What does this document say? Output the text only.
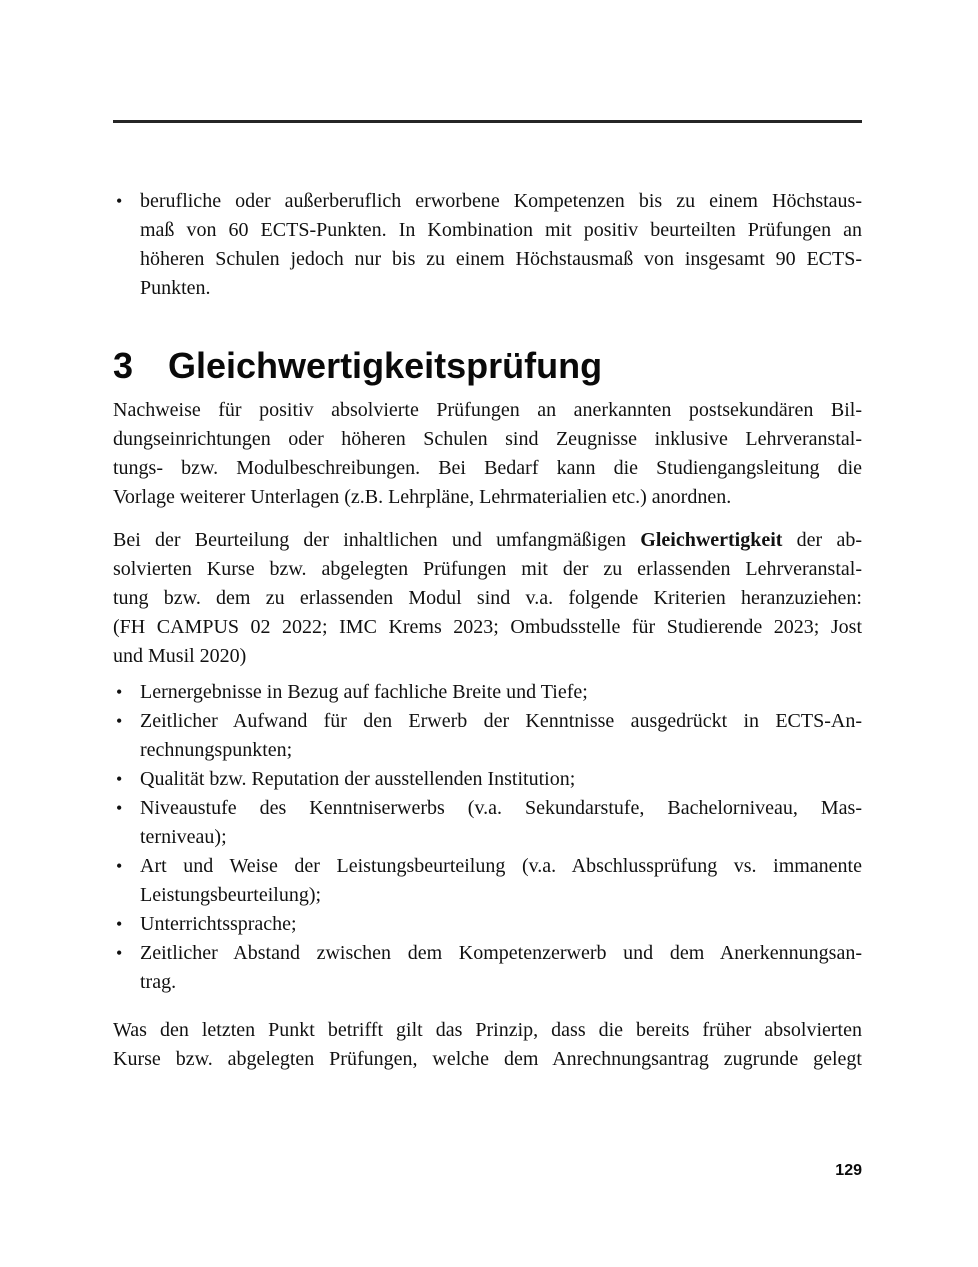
• berufliche oder außerberuflich erworbene Kompetenzen bis zu einem Höchstaus-
maß von 60 ECTS-Punkten. In Kombination mit positiv beurteilten Prüfungen an
höheren Schulen jedoch nur bis zu einem Höchstausmaß von insgesamt 90 ECTS-
Punkten.
3 Gleichwertigkeitsprüfung
Nachweise für positiv absolvierte Prüfungen an anerkannten postsekundären Bil-
dungseinrichtungen oder höheren Schulen sind Zeugnisse inklusive Lehrveranstal-
tungs- bzw. Modulbeschreibungen. Bei Bedarf kann die Studiengangsleitung die
Vorlage weiterer Unterlagen (z.B. Lehrpläne, Lehrmaterialien etc.) anordnen.
Bei der Beurteilung der inhaltlichen und umfangmäßigen Gleichwertigkeit der ab-
solvierten Kurse bzw. abgelegten Prüfungen mit der zu erlassenden Lehrveranstal-
tung bzw. dem zu erlassenden Modul sind v.a. folgende Kriterien heranzuziehen:
(FH CAMPUS 02 2022; IMC Krems 2023; Ombudsstelle für Studierende 2023; Jost
und Musil 2020)
• Lernergebnisse in Bezug auf fachliche Breite und Tiefe;
• Zeitlicher Aufwand für den Erwerb der Kenntnisse ausgedrückt in ECTS-An-
rechnungspunkten;
• Qualität bzw. Reputation der ausstellenden Institution;
• Niveaustufe des Kenntniserwerbs (v.a. Sekundarstufe, Bachelorniveau, Mas-
terniveau);
• Art und Weise der Leistungsbeurteilung (v.a. Abschlussprüfung vs. immanente
Leistungsbeurteilung);
• Unterrichtssprache;
• Zeitlicher Abstand zwischen dem Kompetenzerwerb und dem Anerkennungsan-
trag.
Was den letzten Punkt betrifft gilt das Prinzip, dass die bereits früher absolvierten
Kurse bzw. abgelegten Prüfungen, welche dem Anrechnungsantrag zugrunde gelegt
129
